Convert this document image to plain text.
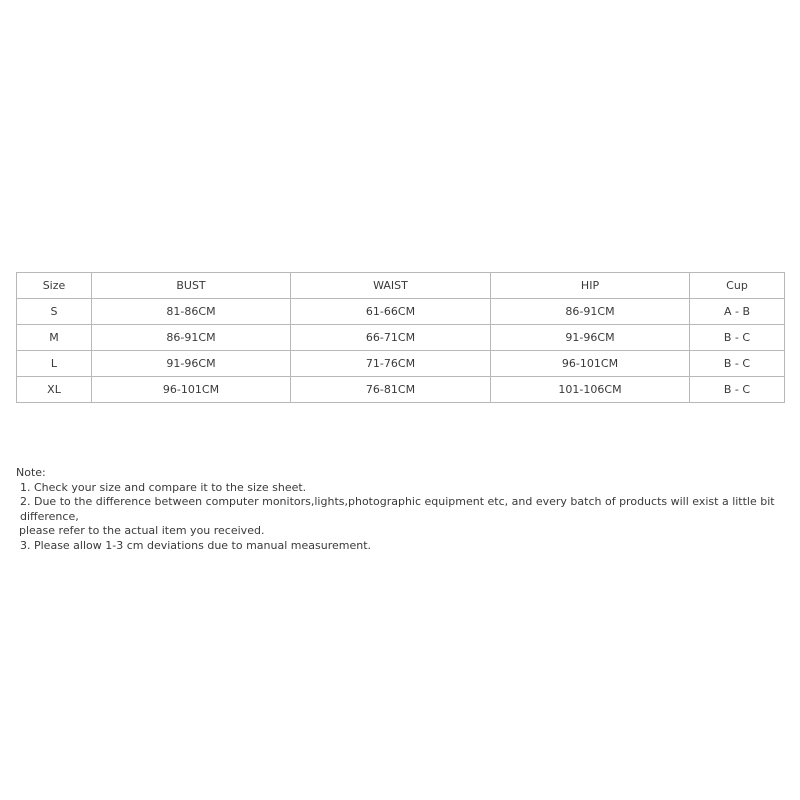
Size	BUST	WAIST	HIP	Cup
S	81-86CM	61-66CM	86-91CM	A - B
M	86-91CM	66-71CM	91-96CM	B - C
L	91-96CM	71-76CM	96-101CM	B - C
XL	96-101CM	76-81CM	101-106CM	B - C

Note:

1. Check your size and compare it to the size sheet.

2. Due to the difference between computer monitors,lights,photographic equipment etc, and every batch of products will exist a little bit difference,

please refer to the actual item you received.

3. Please allow 1-3 cm deviations due to manual measurement.
